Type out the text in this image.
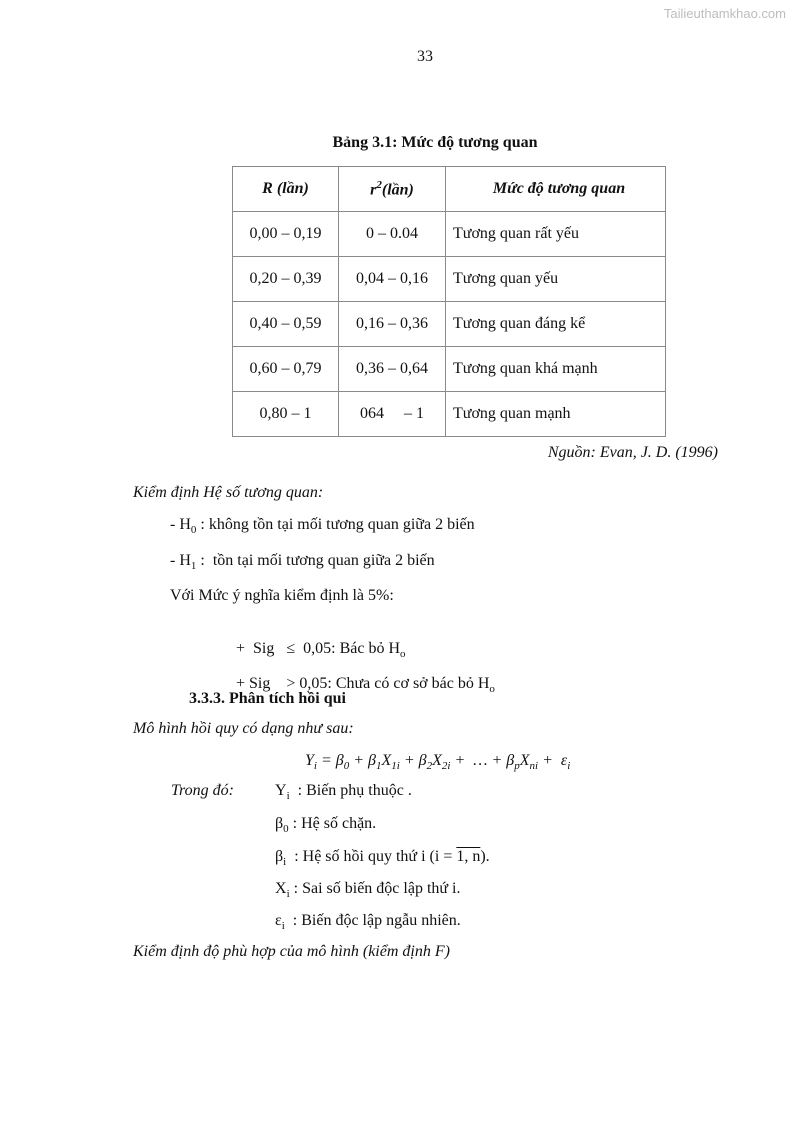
Tailieuthamkhao.com
33
Bảng 3.1: Mức độ tương quan
R (lần)	$r^2(lần)$	Mức độ tương quan
0,00 – 0,19	0 – 0.04	Tương quan rất yếu
0,20 – 0,39	0,04 – 0,16	Tương quan yếu
0,40 – 0,59	0,16 – 0,36	Tương quan đáng kể
0,60 – 0,79	0,36 – 0,64	Tương quan khá mạnh
0,80 – 1	064     – 1	Tương quan mạnh
Nguồn: Evan, J. D. (1996)
Kiểm định Hệ số tương quan:
- $H_0$ : không tồn tại mối tương quan giữa 2 biến
- $H_1$ :  tồn tại mối tương quan giữa 2 biến
Với Mức ý nghĩa kiểm định là 5%:

+  Sig   ≤  0,05: Bác bỏ $H_o$

+ Sig    > 0,05: Chưa có cơ sở bác bỏ $H_o$

3.3.3. Phân tích hồi qui
Mô hình hồi quy có dạng như sau:
$Y_i = \beta_0 + \beta_1X_{1i} + \beta_2X_{2i}$ +  … + $\beta_pX_{ni} + \varepsilon_i$
Trong đó:	$Y_i$  : Biến phụ thuộc .
$\beta_0$ : Hệ số chặn.
$\beta_i$  : Hệ số hồi quy thứ i (i = 1, n).
$X_i$ : Sai số biến độc lập thứ i.
$\varepsilon_i$  : Biến độc lập ngẫu nhiên.
Kiểm định độ phù hợp của mô hình (kiểm định F)
